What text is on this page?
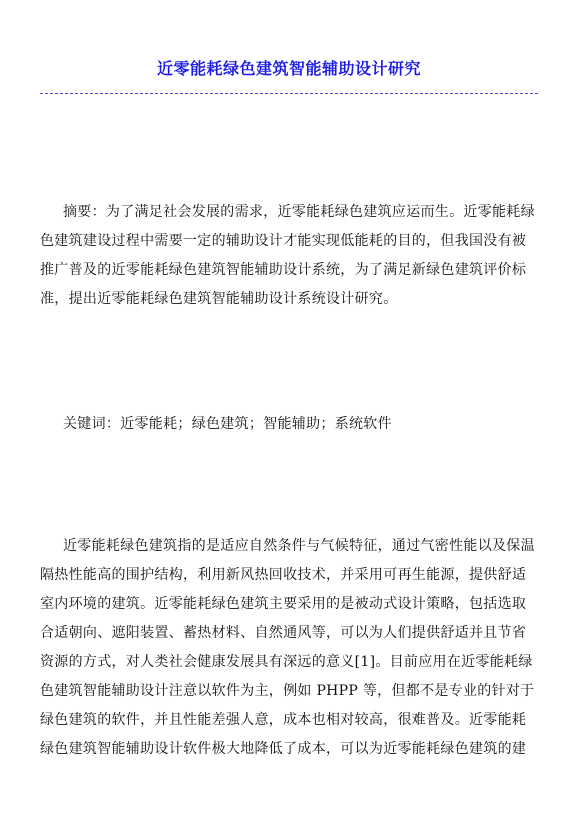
近零能耗绿色建筑智能辅助设计研究
摘要：为了满足社会发展的需求，近零能耗绿色建筑应运而生。近零能耗绿
色建筑建设过程中需要一定的辅助设计才能实现低能耗的目的，但我国没有被
推广普及的近零能耗绿色建筑智能辅助设计系统，为了满足新绿色建筑评价标
准，提出近零能耗绿色建筑智能辅助设计系统设计研究。
关键词：近零能耗；绿色建筑；智能辅助；系统软件
近零能耗绿色建筑指的是适应自然条件与气候特征，通过气密性能以及保温
隔热性能高的围护结构，利用新风热回收技术，并采用可再生能源，提供舒适
室内环境的建筑。近零能耗绿色建筑主要采用的是被动式设计策略，包括选取
合适朝向、遮阳装置、蓄热材料、自然通风等，可以为人们提供舒适并且节省
资源的方式，对人类社会健康发展具有深远的意义[1]。目前应用在近零能耗绿
色建筑智能辅助设计注意以软件为主，例如 PHPP 等，但都不是专业的针对于
绿色建筑的软件，并且性能差强人意，成本也相对较高，很难普及。近零能耗
绿色建筑智能辅助设计软件极大地降低了成本，可以为近零能耗绿色建筑的建
